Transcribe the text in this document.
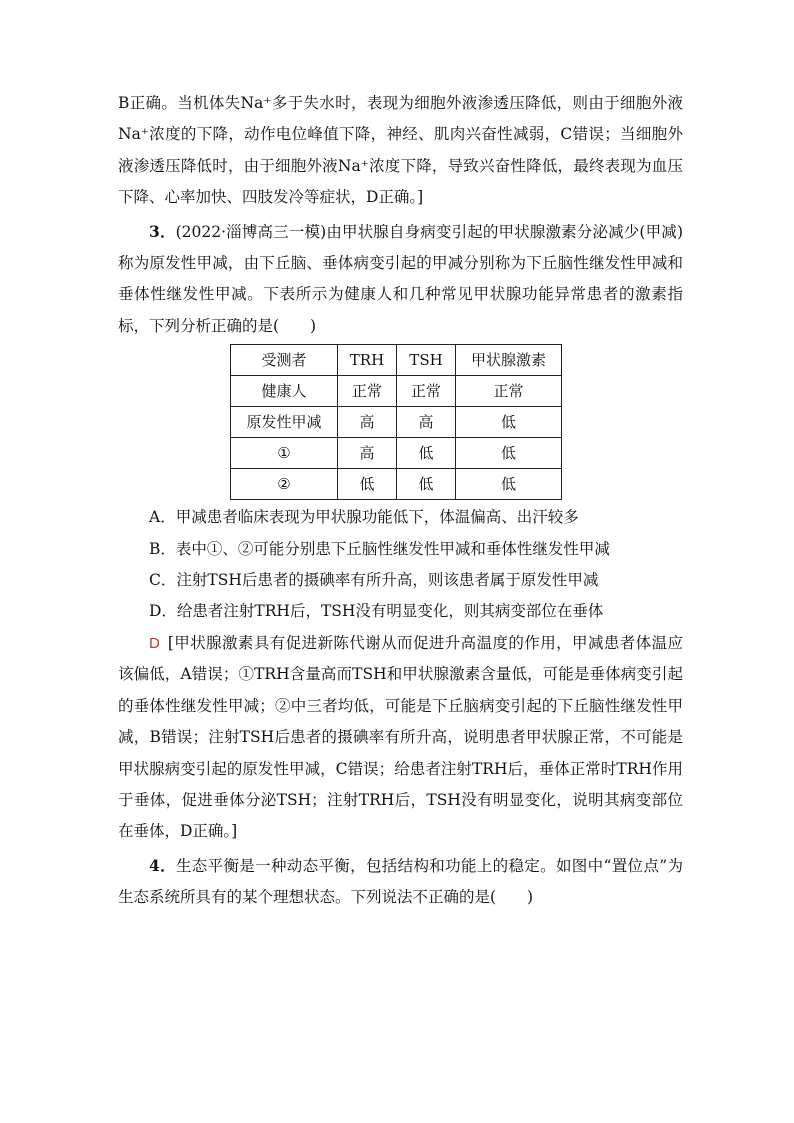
B正确。当机体失Na⁺多于失水时，表现为细胞外液渗透压降低，则由于细胞外液Na⁺浓度的下降，动作电位峰值下降，神经、肌肉兴奋性减弱，C错误；当细胞外液渗透压降低时，由于细胞外液Na⁺浓度下降，导致兴奋性降低，最终表现为血压下降、心率加快、四肢发冷等症状，D正确。]

3．(2022·淄博高三一模)由甲状腺自身病变引起的甲状腺激素分泌减少(甲减)称为原发性甲减，由下丘脑、垂体病变引起的甲减分别称为下丘脑性继发性甲减和垂体性继发性甲减。下表所示为健康人和几种常见甲状腺功能异常患者的激素指标，下列分析正确的是(　　)

受测者	TRH	TSH	甲状腺激素
健康人	正常	正常	正常
原发性甲减	高	高	低
①	高	低	低
②	低	低	低
A．甲减患者临床表现为甲状腺功能低下，体温偏高、出汗较多
B．表中①、②可能分别患下丘脑性继发性甲减和垂体性继发性甲减
C．注射TSH后患者的摄碘率有所升高，则该患者属于原发性甲减
D．给患者注射TRH后，TSH没有明显变化，则其病变部位在垂体

D [甲状腺激素具有促进新陈代谢从而促进升高温度的作用，甲减患者体温应该偏低，A错误；①TRH含量高而TSH和甲状腺激素含量低，可能是垂体病变引起的垂体性继发性甲减；②中三者均低，可能是下丘脑病变引起的下丘脑性继发性甲减，B错误；注射TSH后患者的摄碘率有所升高，说明患者甲状腺正常，不可能是甲状腺病变引起的原发性甲减，C错误；给患者注射TRH后，垂体正常时TRH作用于垂体，促进垂体分泌TSH；注射TRH后，TSH没有明显变化，说明其病变部位在垂体，D正确。]

4．生态平衡是一种动态平衡，包括结构和功能上的稳定。如图中“置位点”为生态系统所具有的某个理想状态。下列说法不正确的是(　　)
